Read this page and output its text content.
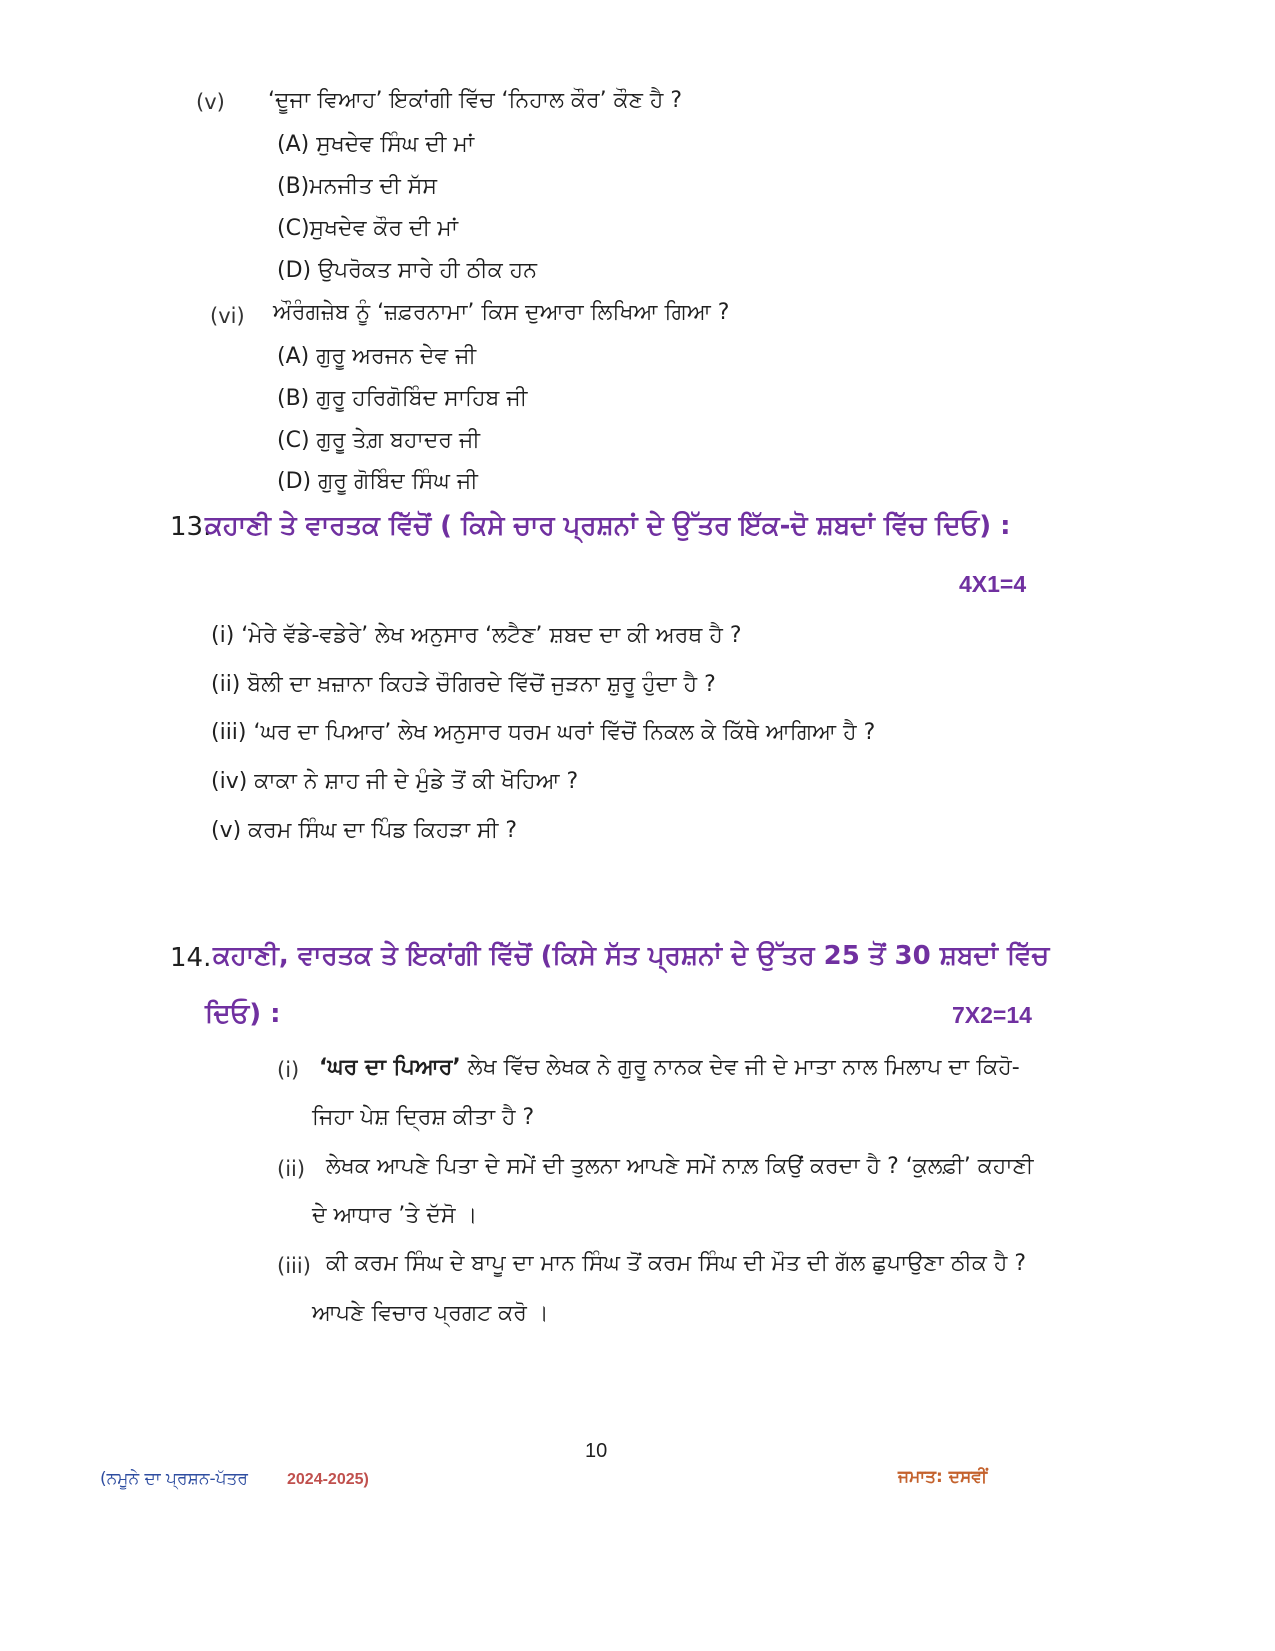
(v) ‘ਦੂਜਾ ਵਿਆਹ’ ਇਕਾਂਗੀ ਵਿੱਚ ‘ਨਿਹਾਲ ਕੌਰ’ ਕੌਣ ਹੈ ?
(A) ਸੁਖਦੇਵ ਸਿੰਘ ਦੀ ਮਾਂ
(B)ਮਨਜੀਤ ਦੀ ਸੱਸ
(C)ਸੁਖਦੇਵ ਕੌਰ ਦੀ ਮਾਂ
(D) ਉਪਰੋਕਤ ਸਾਰੇ ਹੀ ਠੀਕ ਹਨ
(vi) ਔਰੰਗਜ਼ੇਬ ਨੂੰ ‘ਜ਼ਫ਼ਰਨਾਮਾ’ ਕਿਸ ਦੁਆਰਾ ਲਿਖਿਆ ਗਿਆ ?
(A) ਗੁਰੂ ਅਰਜਨ ਦੇਵ ਜੀ
(B) ਗੁਰੂ ਹਰਿਗੋਬਿੰਦ ਸਾਹਿਬ ਜੀ
(C) ਗੁਰੂ ਤੇਗ਼ ਬਹਾਦਰ ਜੀ
(D) ਗੁਰੂ ਗੋਬਿੰਦ ਸਿੰਘ ਜੀ
13.
ਕਹਾਣੀ ਤੇ ਵਾਰਤਕ ਵਿੱਚੋਂ ( ਕਿਸੇ ਚਾਰ ਪ੍ਰਸ਼ਨਾਂ ਦੇ ਉੱਤਰ ਇੱਕ-ਦੋ ਸ਼ਬਦਾਂ ਵਿੱਚ ਦਿਓ) :
4X1=4
(i) ‘ਮੇਰੇ ਵੱਡੇ-ਵਡੇਰੇ’ ਲੇਖ ਅਨੁਸਾਰ ‘ਲਟੈਣ’ ਸ਼ਬਦ ਦਾ ਕੀ ਅਰਥ ਹੈ ?
(ii) ਬੋਲੀ ਦਾ ਖ਼ਜ਼ਾਨਾ ਕਿਹੜੇ ਚੌਗਿਰਦੇ ਵਿੱਚੋਂ ਜੁੜਨਾ ਸ਼ੁਰੂ ਹੁੰਦਾ ਹੈ ?
(iii) ‘ਘਰ ਦਾ ਪਿਆਰ’ ਲੇਖ ਅਨੁਸਾਰ ਧਰਮ ਘਰਾਂ ਵਿੱਚੋਂ ਨਿਕਲ ਕੇ ਕਿੱਥੇ ਆਗਿਆ ਹੈ ?
(iv) ਕਾਕਾ ਨੇ ਸ਼ਾਹ ਜੀ ਦੇ ਮੁੰਡੇ ਤੋਂ ਕੀ ਖੋਹਿਆ ?
(v) ਕਰਮ ਸਿੰਘ ਦਾ ਪਿੰਡ ਕਿਹੜਾ ਸੀ ?
14. ਕਹਾਣੀ, ਵਾਰਤਕ ਤੇ ਇਕਾਂਗੀ ਵਿੱਚੋਂ (ਕਿਸੇ ਸੱਤ ਪ੍ਰਸ਼ਨਾਂ ਦੇ ਉੱਤਰ 25 ਤੋਂ 30 ਸ਼ਬਦਾਂ ਵਿੱਚ
ਦਿਓ) :	7X2=14
(i) ‘ਘਰ ਦਾ ਪਿਆਰ’ ਲੇਖ ਵਿੱਚ ਲੇਖਕ ਨੇ ਗੁਰੂ ਨਾਨਕ ਦੇਵ ਜੀ ਦੇ ਮਾਤਾ ਨਾਲ ਮਿਲਾਪ ਦਾ ਕਿਹੋ-
ਜਿਹਾ ਪੇਸ਼ ਦ੍ਰਿਸ਼ ਕੀਤਾ ਹੈ ?
(ii) ਲੇਖਕ ਆਪਣੇ ਪਿਤਾ ਦੇ ਸਮੇਂ ਦੀ ਤੁਲਨਾ ਆਪਣੇ ਸਮੇਂ ਨਾਲ਼ ਕਿਉਂ ਕਰਦਾ ਹੈ ? ‘ਕੁਲਫ਼ੀ’ ਕਹਾਣੀ
ਦੇ ਆਧਾਰ ’ਤੇ ਦੱਸੋ ।
(iii) ਕੀ ਕਰਮ ਸਿੰਘ ਦੇ ਬਾਪੂ ਦਾ ਮਾਨ ਸਿੰਘ ਤੋਂ ਕਰਮ ਸਿੰਘ ਦੀ ਮੌਤ ਦੀ ਗੱਲ ਛੁਪਾਉਣਾ ਠੀਕ ਹੈ ?
ਆਪਣੇ ਵਿਚਾਰ ਪ੍ਰਗਟ ਕਰੋ ।
10
(ਨਮੂਨੇ ਦਾ ਪ੍ਰਸ਼ਨ-ਪੱਤਰ 2024-2025)	ਜਮਾਤ: ਦਸਵੀਂ
